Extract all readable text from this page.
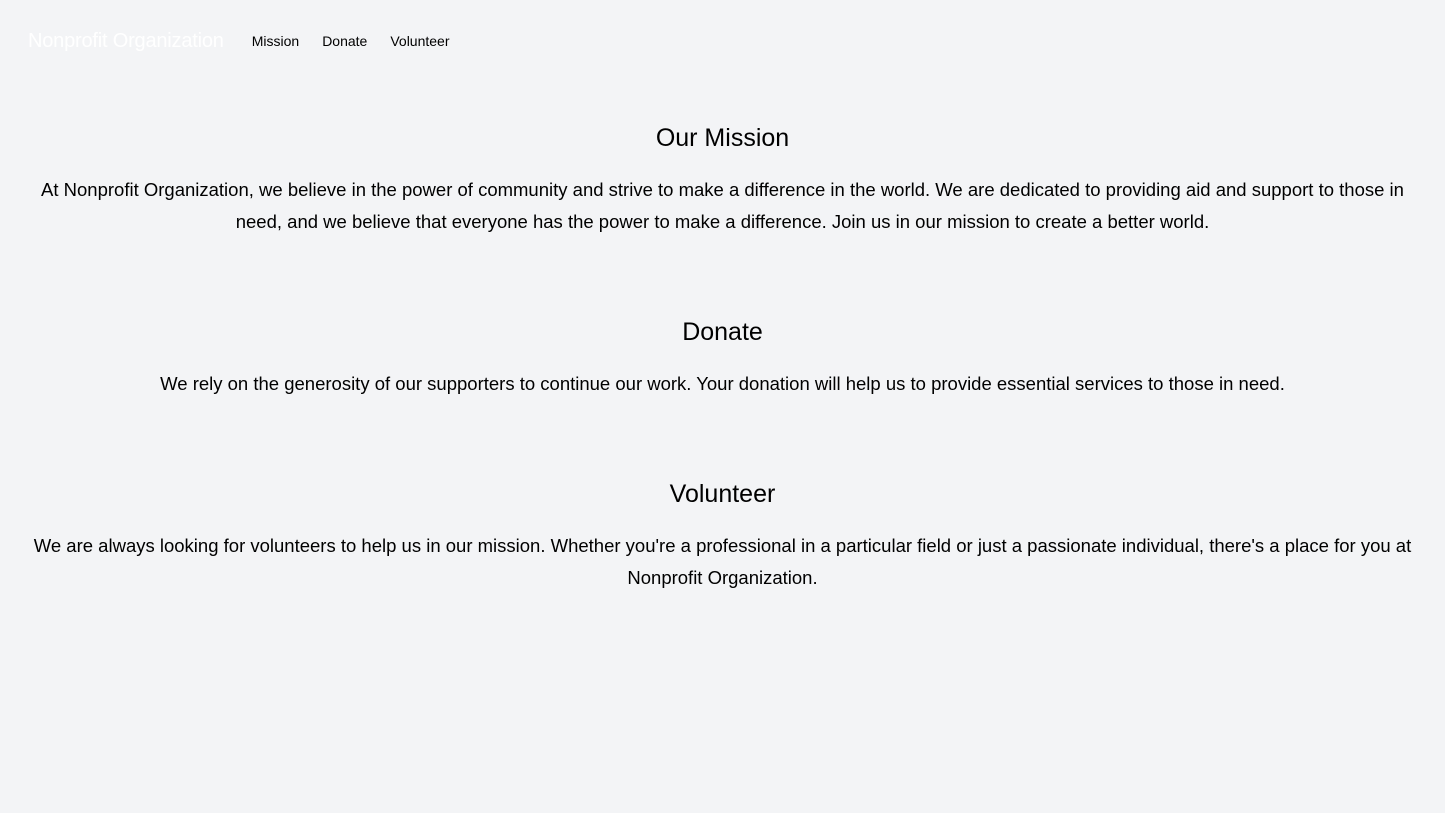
Nonprofit Organization Mission Donate Volunteer
Our Mission

At Nonprofit Organization, we believe in the power of community and strive to make a difference in the world. We are dedicated to providing aid and support to those in need, and we believe that everyone has the power to make a difference. Join us in our mission to create a better world.

Donate

We rely on the generosity of our supporters to continue our work. Your donation will help us to provide essential services to those in need.

Volunteer

We are always looking for volunteers to help us in our mission. Whether you're a professional in a particular field or just a passionate individual, there's a place for you at Nonprofit Organization.
